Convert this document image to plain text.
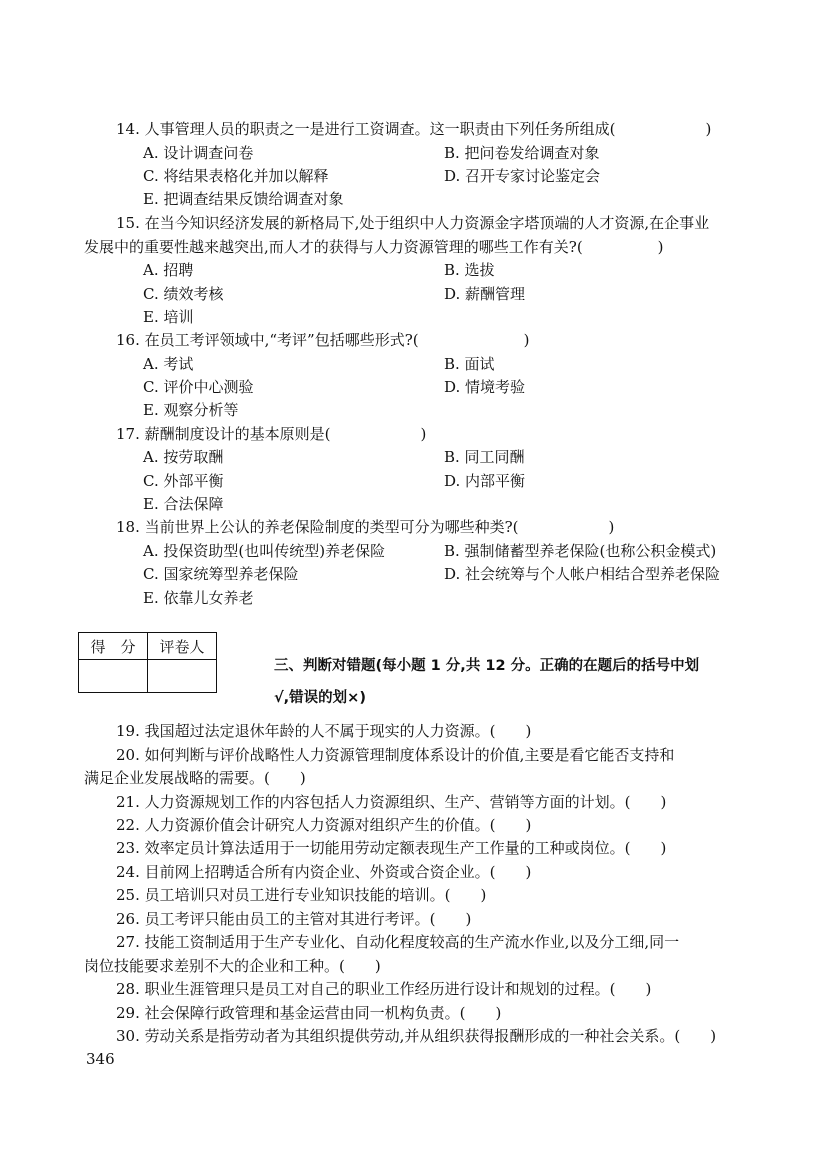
14. 人事管理人员的职责之一是进行工资调查。这一职责由下列任务所组成(　　　　　　)
A. 设计调查问卷	B. 把问卷发给调查对象
C. 将结果表格化并加以解释	D. 召开专家讨论鉴定会
E. 把调查结果反馈给调查对象
15. 在当今知识经济发展的新格局下,处于组织中人力资源金字塔顶端的人才资源,在企事业
发展中的重要性越来越突出,而人才的获得与人力资源管理的哪些工作有关?(　　　　　)
A. 招聘	B. 选拔
C. 绩效考核	D. 薪酬管理
E. 培训
16. 在员工考评领域中,“考评”包括哪些形式?(　　　　　　　)
A. 考试	B. 面试
C. 评价中心测验	D. 情境考验
E. 观察分析等
17. 薪酬制度设计的基本原则是(　　　　　　)
A. 按劳取酬	B. 同工同酬
C. 外部平衡	D. 内部平衡
E. 合法保障
18. 当前世界上公认的养老保险制度的类型可分为哪些种类?(　　　　　　)
A. 投保资助型(也叫传统型)养老保险	B. 强制储蓄型养老保险(也称公积金模式)
C. 国家统筹型养老保险	D. 社会统筹与个人帐户相结合型养老保险
E. 依靠儿女养老
得　分	评卷人

三、判断对错题(每小题 1 分,共 12 分。正确的在题后的括号中划
√,错误的划×)
19. 我国超过法定退休年龄的人不属于现实的人力资源。(　　)
20. 如何判断与评价战略性人力资源管理制度体系设计的价值,主要是看它能否支持和
满足企业发展战略的需要。(　　)
21. 人力资源规划工作的内容包括人力资源组织、生产、营销等方面的计划。(　　)
22. 人力资源价值会计研究人力资源对组织产生的价值。(　　)
23. 效率定员计算法适用于一切能用劳动定额表现生产工作量的工种或岗位。(　　)
24. 目前网上招聘适合所有内资企业、外资或合资企业。(　　)
25. 员工培训只对员工进行专业知识技能的培训。(　　)
26. 员工考评只能由员工的主管对其进行考评。(　　)
27. 技能工资制适用于生产专业化、自动化程度较高的生产流水作业,以及分工细,同一
岗位技能要求差别不大的企业和工种。(　　)
28. 职业生涯管理只是员工对自己的职业工作经历进行设计和规划的过程。(　　)
29. 社会保障行政管理和基金运营由同一机构负责。(　　)
30. 劳动关系是指劳动者为其组织提供劳动,并从组织获得报酬形成的一种社会关系。(　　)
346
